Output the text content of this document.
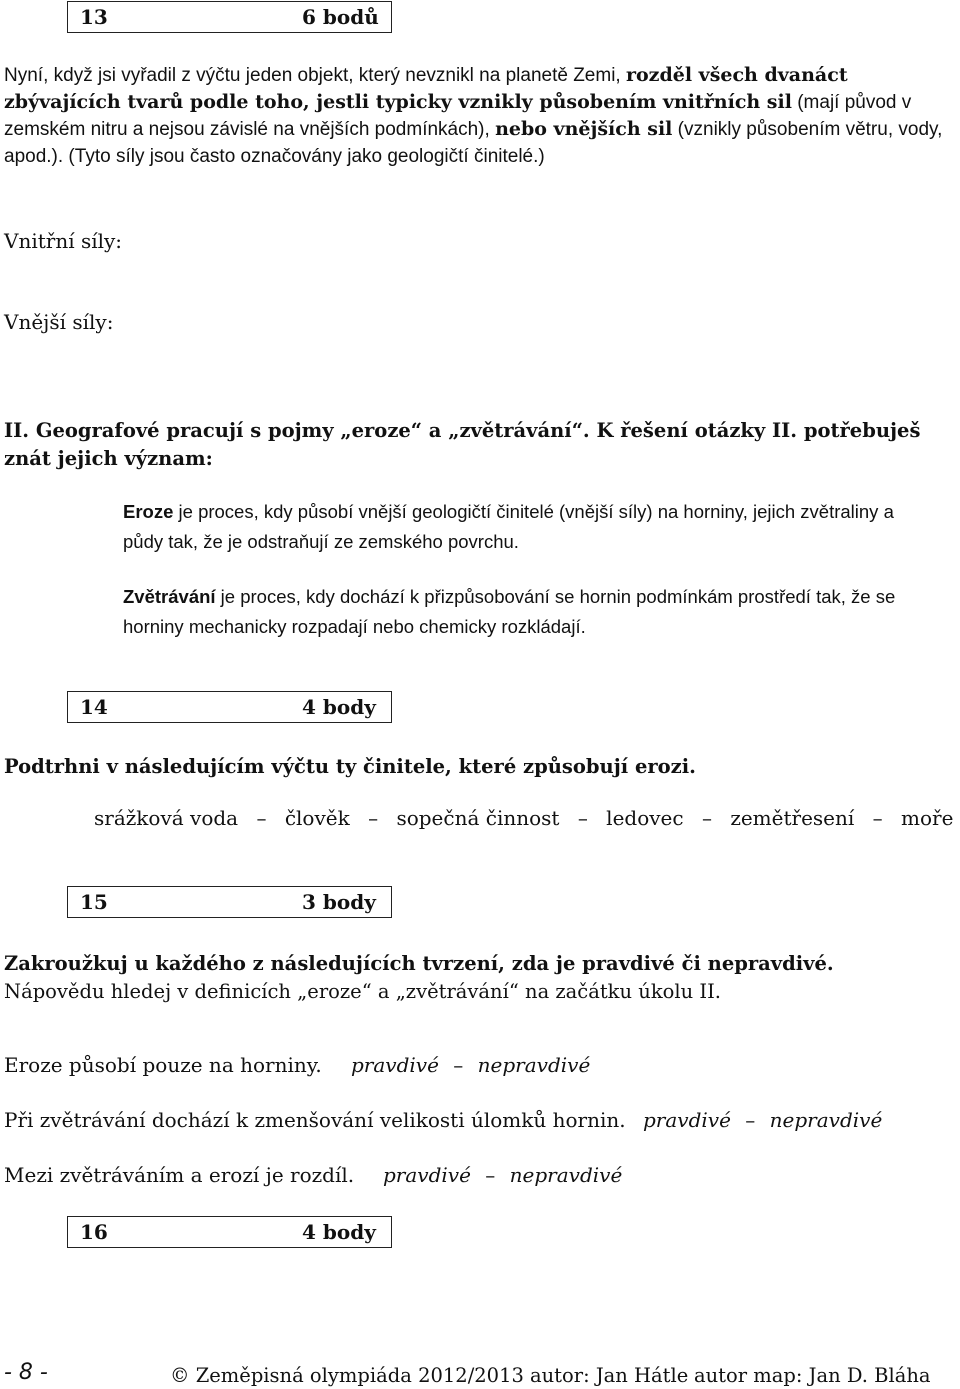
13	6 bodů
Nyní, když jsi vyřadil z výčtu jeden objekt, který nevznikl na planetě Zemi, rozděl všech dvanáct zbývajících tvarů podle toho, jestli typicky vznikly působením vnitřních sil (mají původ v zemském nitru a nejsou závislé na vnějších podmínkách), nebo vnějších sil (vznikly působením větru, vody, apod.). (Tyto síly jsou často označovány jako geologičtí činitelé.)
Vnitřní síly:
Vnější síly:
II. Geografové pracují s pojmy „eroze“ a „zvětrávání“. K řešení otázky II. potřebuješ znát jejich význam:
Eroze je proces, kdy působí vnější geologičtí činitelé (vnější síly) na horniny, jejich zvětraliny a půdy tak, že je odstraňují ze zemského povrchu.
Zvětrávání je proces, kdy dochází k přizpůsobování se hornin podmínkám prostředí tak, že se horniny mechanicky rozpadají nebo chemicky rozkládají.
14	4 body
Podtrhni v následujícím výčtu ty činitele, které způsobují erozi.
srážková voda – člověk – sopečná činnost – ledovec – zemětřesení – moře
15	3 body
Zakroužkuj u každého z následujících tvrzení, zda je pravdivé či nepravdivé.
Nápovědu hledej v definicích „eroze“ a „zvětrávání“ na začátku úkolu II.
Eroze působí pouze na horniny. pravdivé – nepravdivé
Při zvětrávání dochází k zmenšování velikosti úlomků hornin. pravdivé – nepravdivé
Mezi zvětráváním a erozí je rozdíl. pravdivé – nepravdivé
16	4 body
- 8 -	© Zeměpisná olympiáda 2012/2013 autor: Jan Hátle autor map: Jan D. Bláha
